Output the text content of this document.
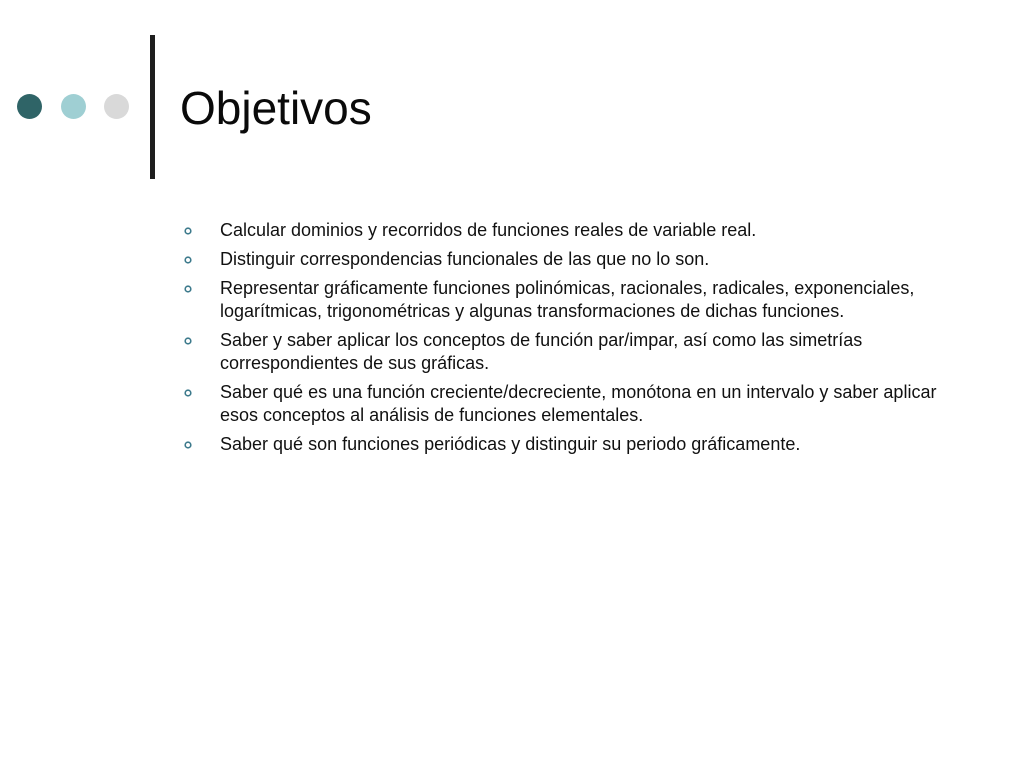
Objetivos
Calcular dominios y recorridos de funciones reales de variable real.
Distinguir correspondencias funcionales de las que no lo son.
Representar gráficamente funciones polinómicas, racionales, radicales, exponenciales, logarítmicas, trigonométricas y algunas transformaciones de dichas funciones.
Saber y saber aplicar los conceptos de función par/impar, así como las simetrías correspondientes de sus gráficas.
Saber qué es una función creciente/decreciente, monótona en un intervalo y saber aplicar esos conceptos al análisis de funciones elementales.
Saber qué son funciones periódicas y distinguir su periodo gráficamente.
